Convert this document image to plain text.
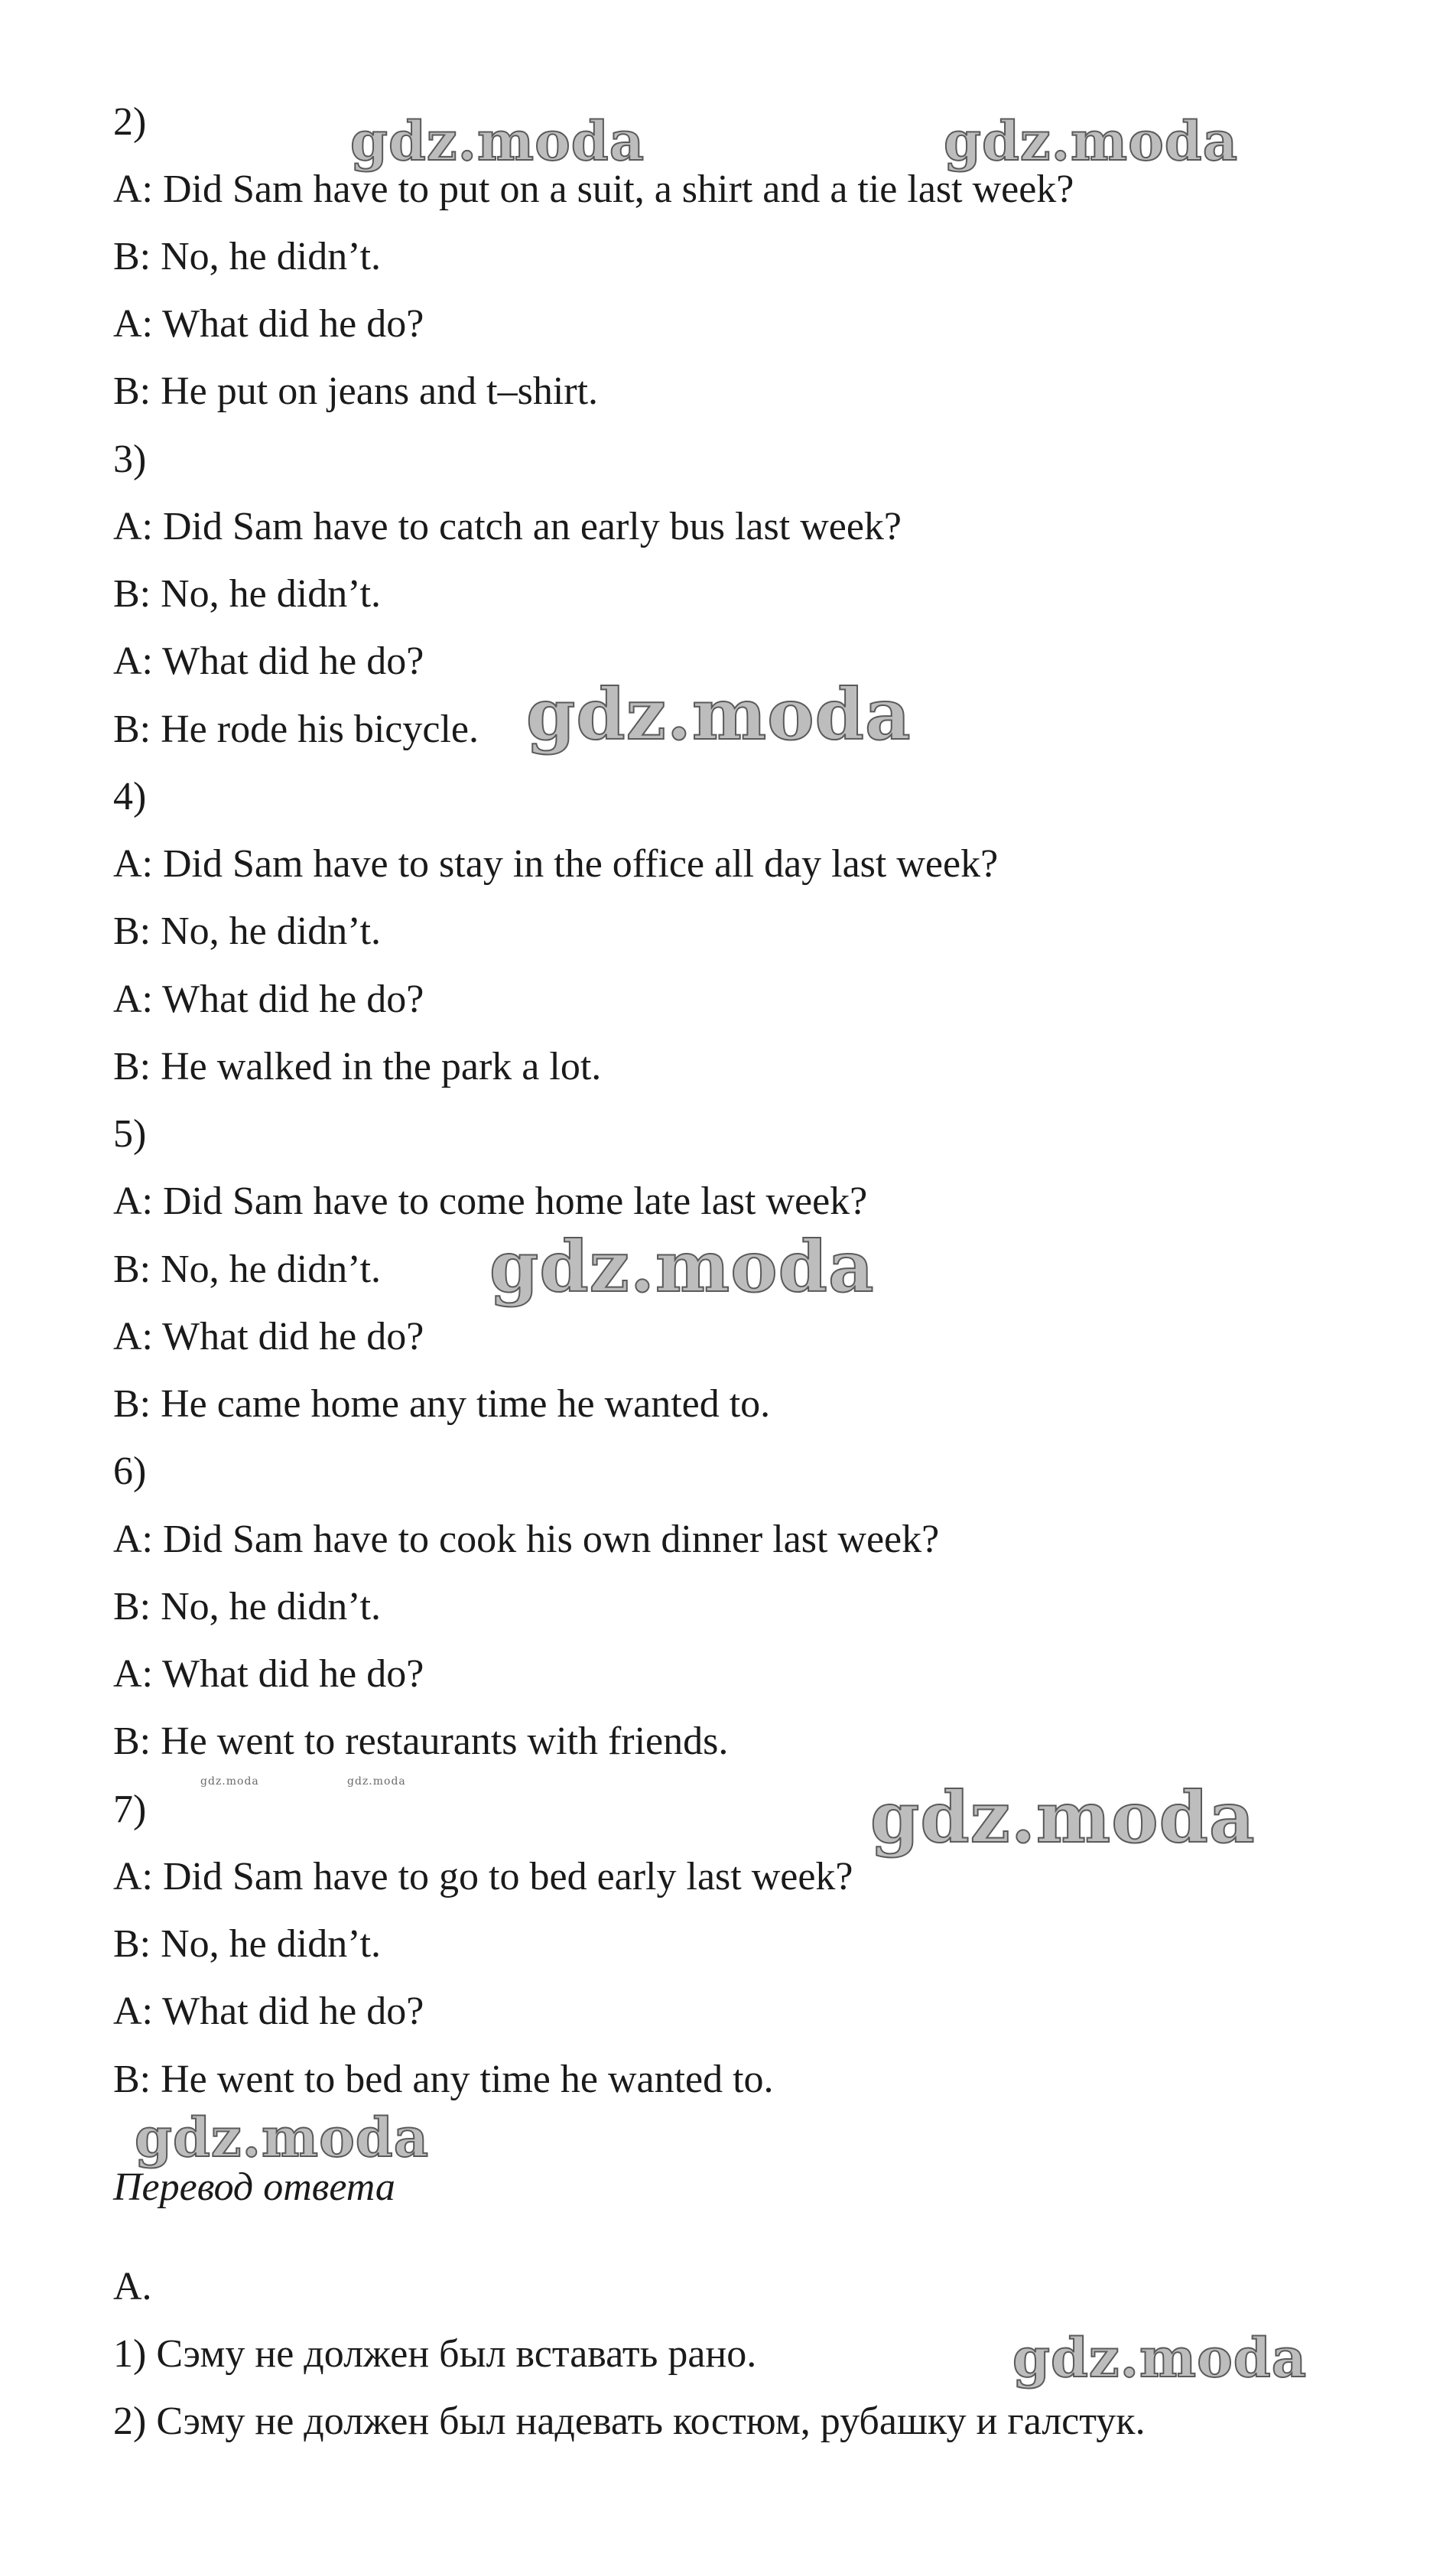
2)
A: Did Sam have to put on a suit, a shirt and a tie last week?
B: No, he didn’t.
A: What did he do?
B: He put on jeans and t–shirt.
3)
A: Did Sam have to catch an early bus last week?
B: No, he didn’t.
A: What did he do?
B: He rode his bicycle.
4)
A: Did Sam have to stay in the office all day last week?
B: No, he didn’t.
A: What did he do?
B: He walked in the park a lot.
5)
A: Did Sam have to come home late last week?
B: No, he didn’t.
A: What did he do?
B: He came home any time he wanted to.
6)
A: Did Sam have to cook his own dinner last week?
B: No, he didn’t.
A: What did he do?
B: He went to restaurants with friends.
7)
A: Did Sam have to go to bed early last week?
B: No, he didn’t.
A: What did he do?
B: He went to bed any time he wanted to.
Перевод ответа
A.
1) Сэму не должен был вставать рано.
2) Сэму не должен был надевать костюм, рубашку и галстук.
gdz.moda	gdz.moda
gdz.moda
gdz.moda
gdz.moda	gdz.moda	gdz.moda
gdz.moda
gdz.moda
